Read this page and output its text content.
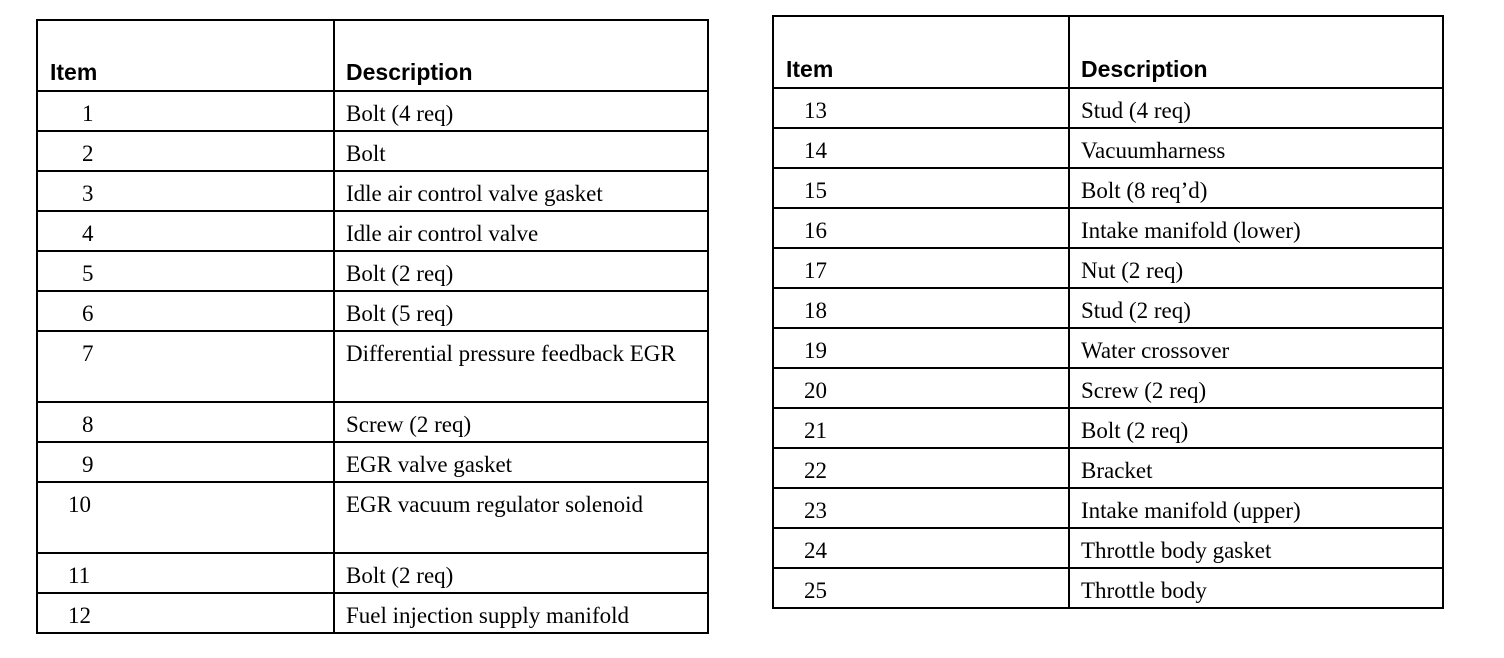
Item	Description
1	Bolt (4 req)
2	Bolt
3	Idle air control valve gasket
4	Idle air control valve
5	Bolt (2 req)
6	Bolt (5 req)
7	Differential pressure feedback EGR
8	Screw (2 req)
9	EGR valve gasket
10	EGR vacuum regulator solenoid
11	Bolt (2 req)
12	Fuel injection supply manifold
Item	Description
13	Stud (4 req)
14	Vacuumharness
15	Bolt (8 req’d)
16	Intake manifold (lower)
17	Nut (2 req)
18	Stud (2 req)
19	Water crossover
20	Screw (2 req)
21	Bolt (2 req)
22	Bracket
23	Intake manifold (upper)
24	Throttle body gasket
25	Throttle body
